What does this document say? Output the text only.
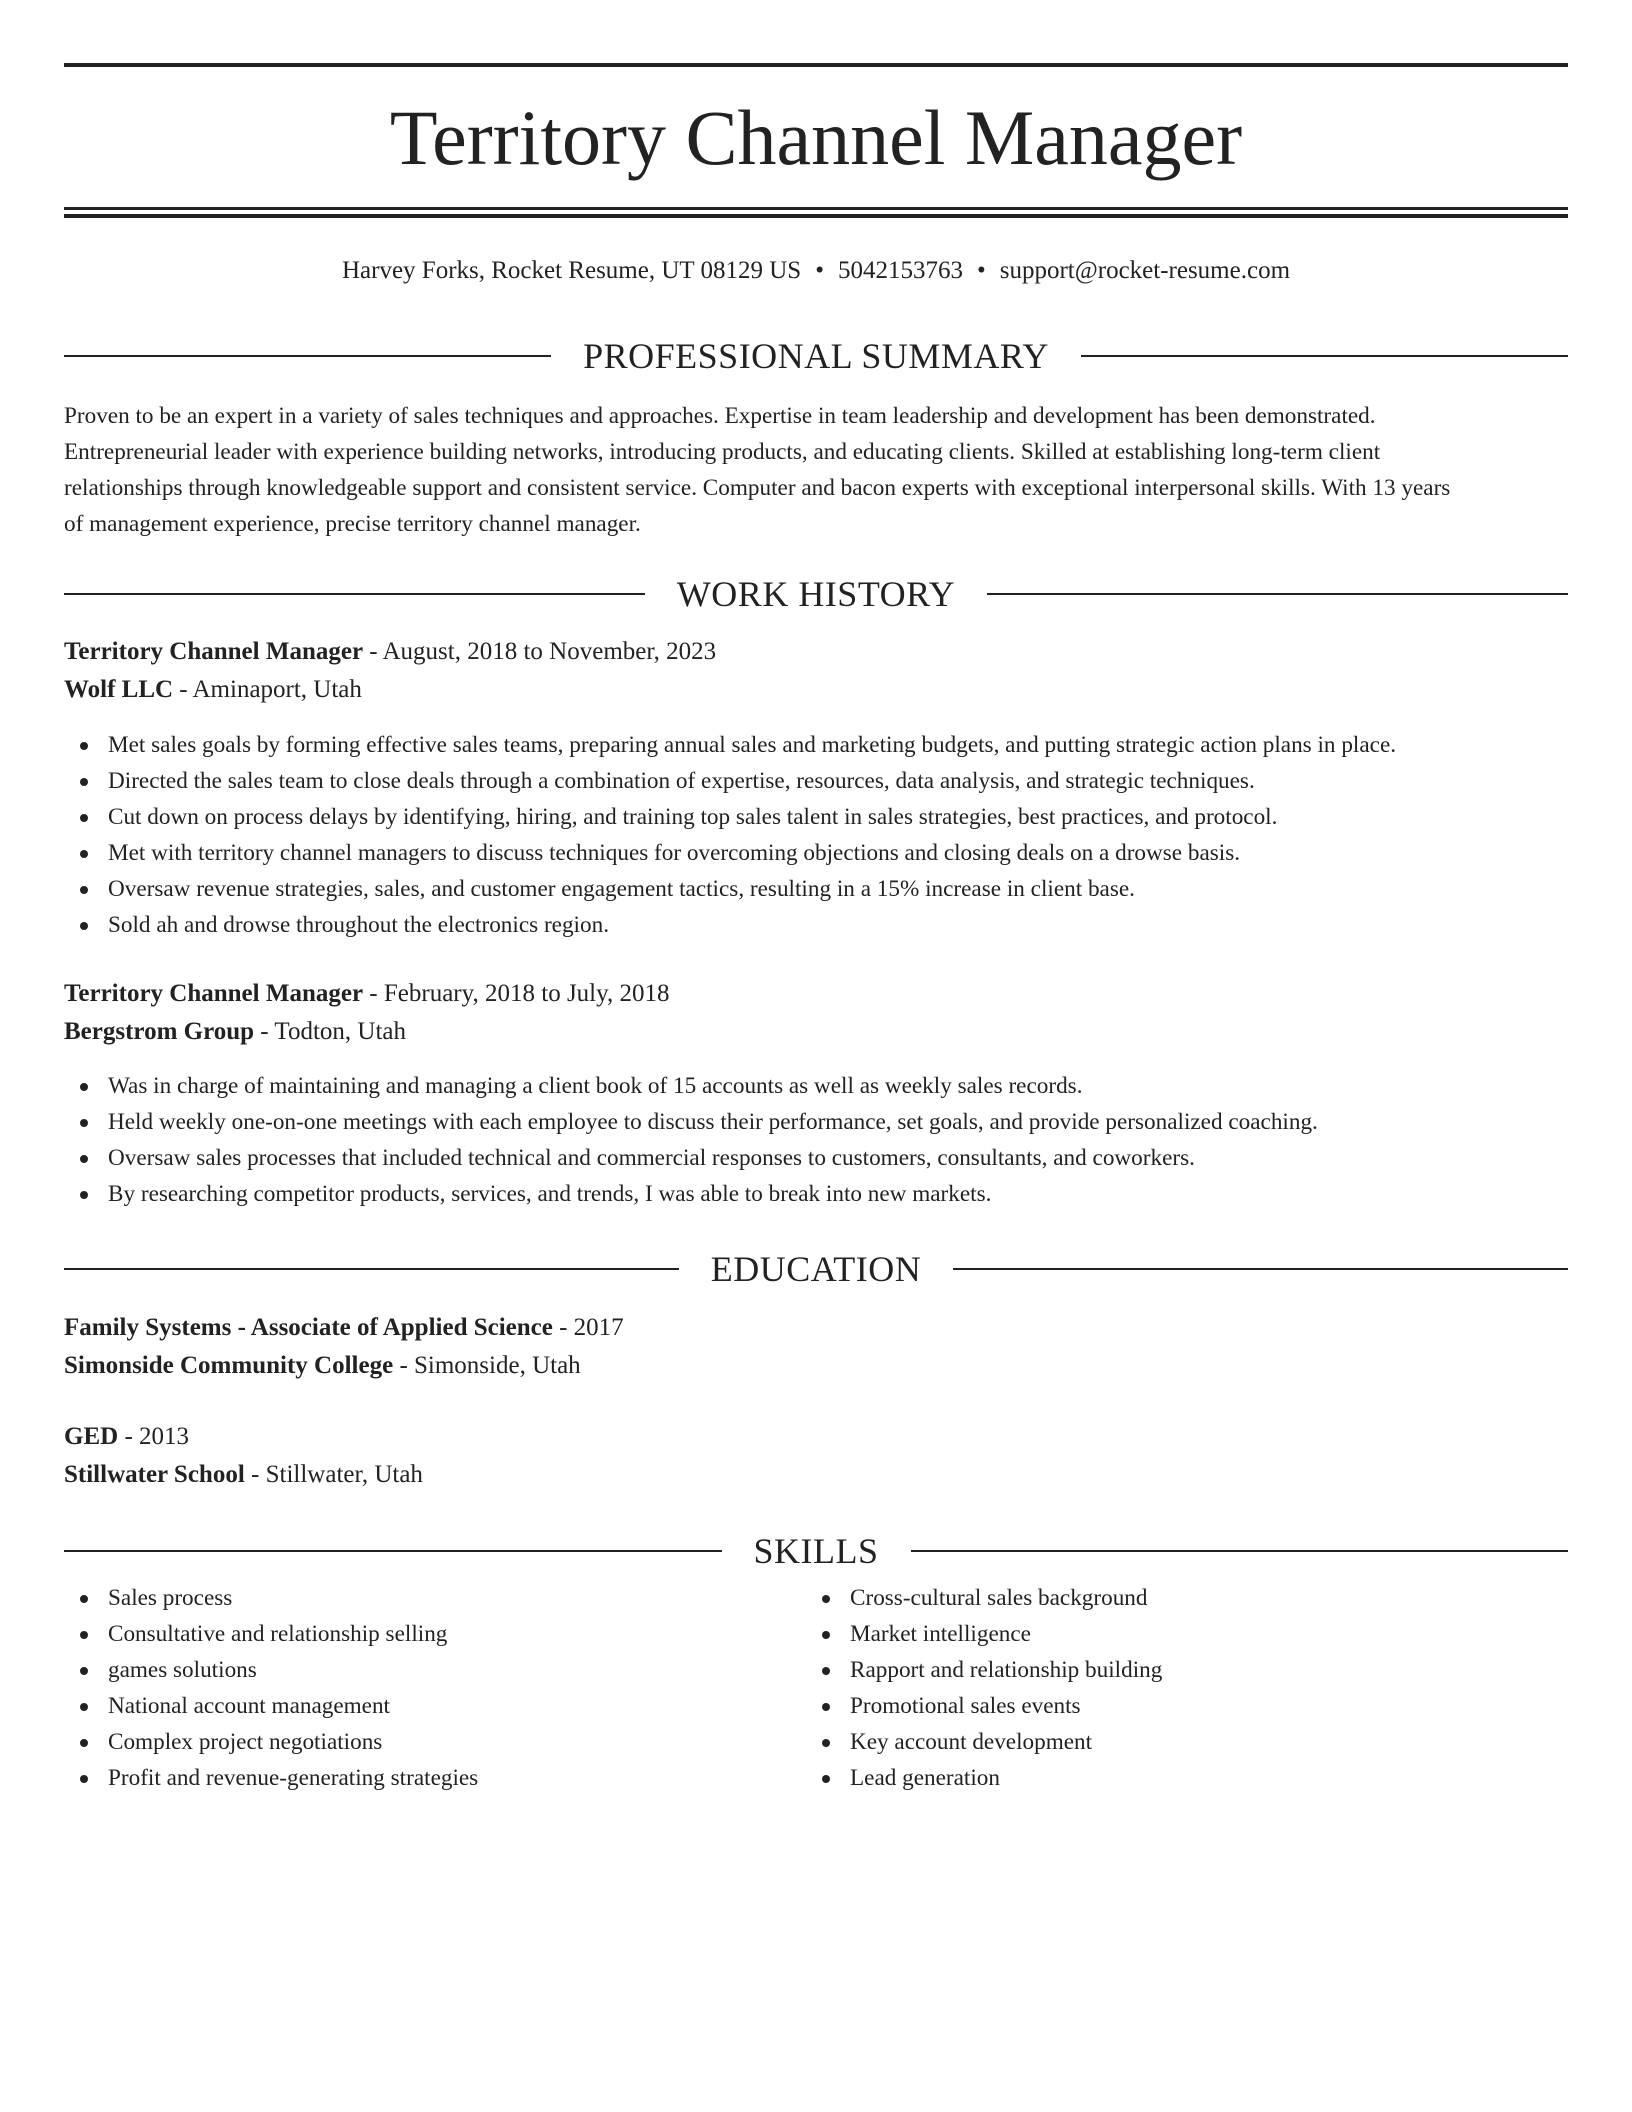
Territory Channel Manager
Harvey Forks, Rocket Resume, UT 08129 US • 5042153763 • support@rocket-resume.com
PROFESSIONAL SUMMARY
Proven to be an expert in a variety of sales techniques and approaches. Expertise in team leadership and development has been demonstrated.
Entrepreneurial leader with experience building networks, introducing products, and educating clients. Skilled at establishing long-term client
relationships through knowledgeable support and consistent service. Computer and bacon experts with exceptional interpersonal skills. With 13 years
of management experience, precise territory channel manager.
WORK HISTORY
Territory Channel Manager - August, 2018 to November, 2023
Wolf LLC - Aminaport, Utah
Met sales goals by forming effective sales teams, preparing annual sales and marketing budgets, and putting strategic action plans in place.
Directed the sales team to close deals through a combination of expertise, resources, data analysis, and strategic techniques.
Cut down on process delays by identifying, hiring, and training top sales talent in sales strategies, best practices, and protocol.
Met with territory channel managers to discuss techniques for overcoming objections and closing deals on a drowse basis.
Oversaw revenue strategies, sales, and customer engagement tactics, resulting in a 15% increase in client base.
Sold ah and drowse throughout the electronics region.
Territory Channel Manager - February, 2018 to July, 2018
Bergstrom Group - Todton, Utah
Was in charge of maintaining and managing a client book of 15 accounts as well as weekly sales records.
Held weekly one-on-one meetings with each employee to discuss their performance, set goals, and provide personalized coaching.
Oversaw sales processes that included technical and commercial responses to customers, consultants, and coworkers.
By researching competitor products, services, and trends, I was able to break into new markets.
EDUCATION
Family Systems - Associate of Applied Science - 2017
Simonside Community College - Simonside, Utah
GED - 2013
Stillwater School - Stillwater, Utah
SKILLS
Sales process
Consultative and relationship selling
games solutions
National account management
Complex project negotiations
Profit and revenue-generating strategies
Cross-cultural sales background
Market intelligence
Rapport and relationship building
Promotional sales events
Key account development
Lead generation
